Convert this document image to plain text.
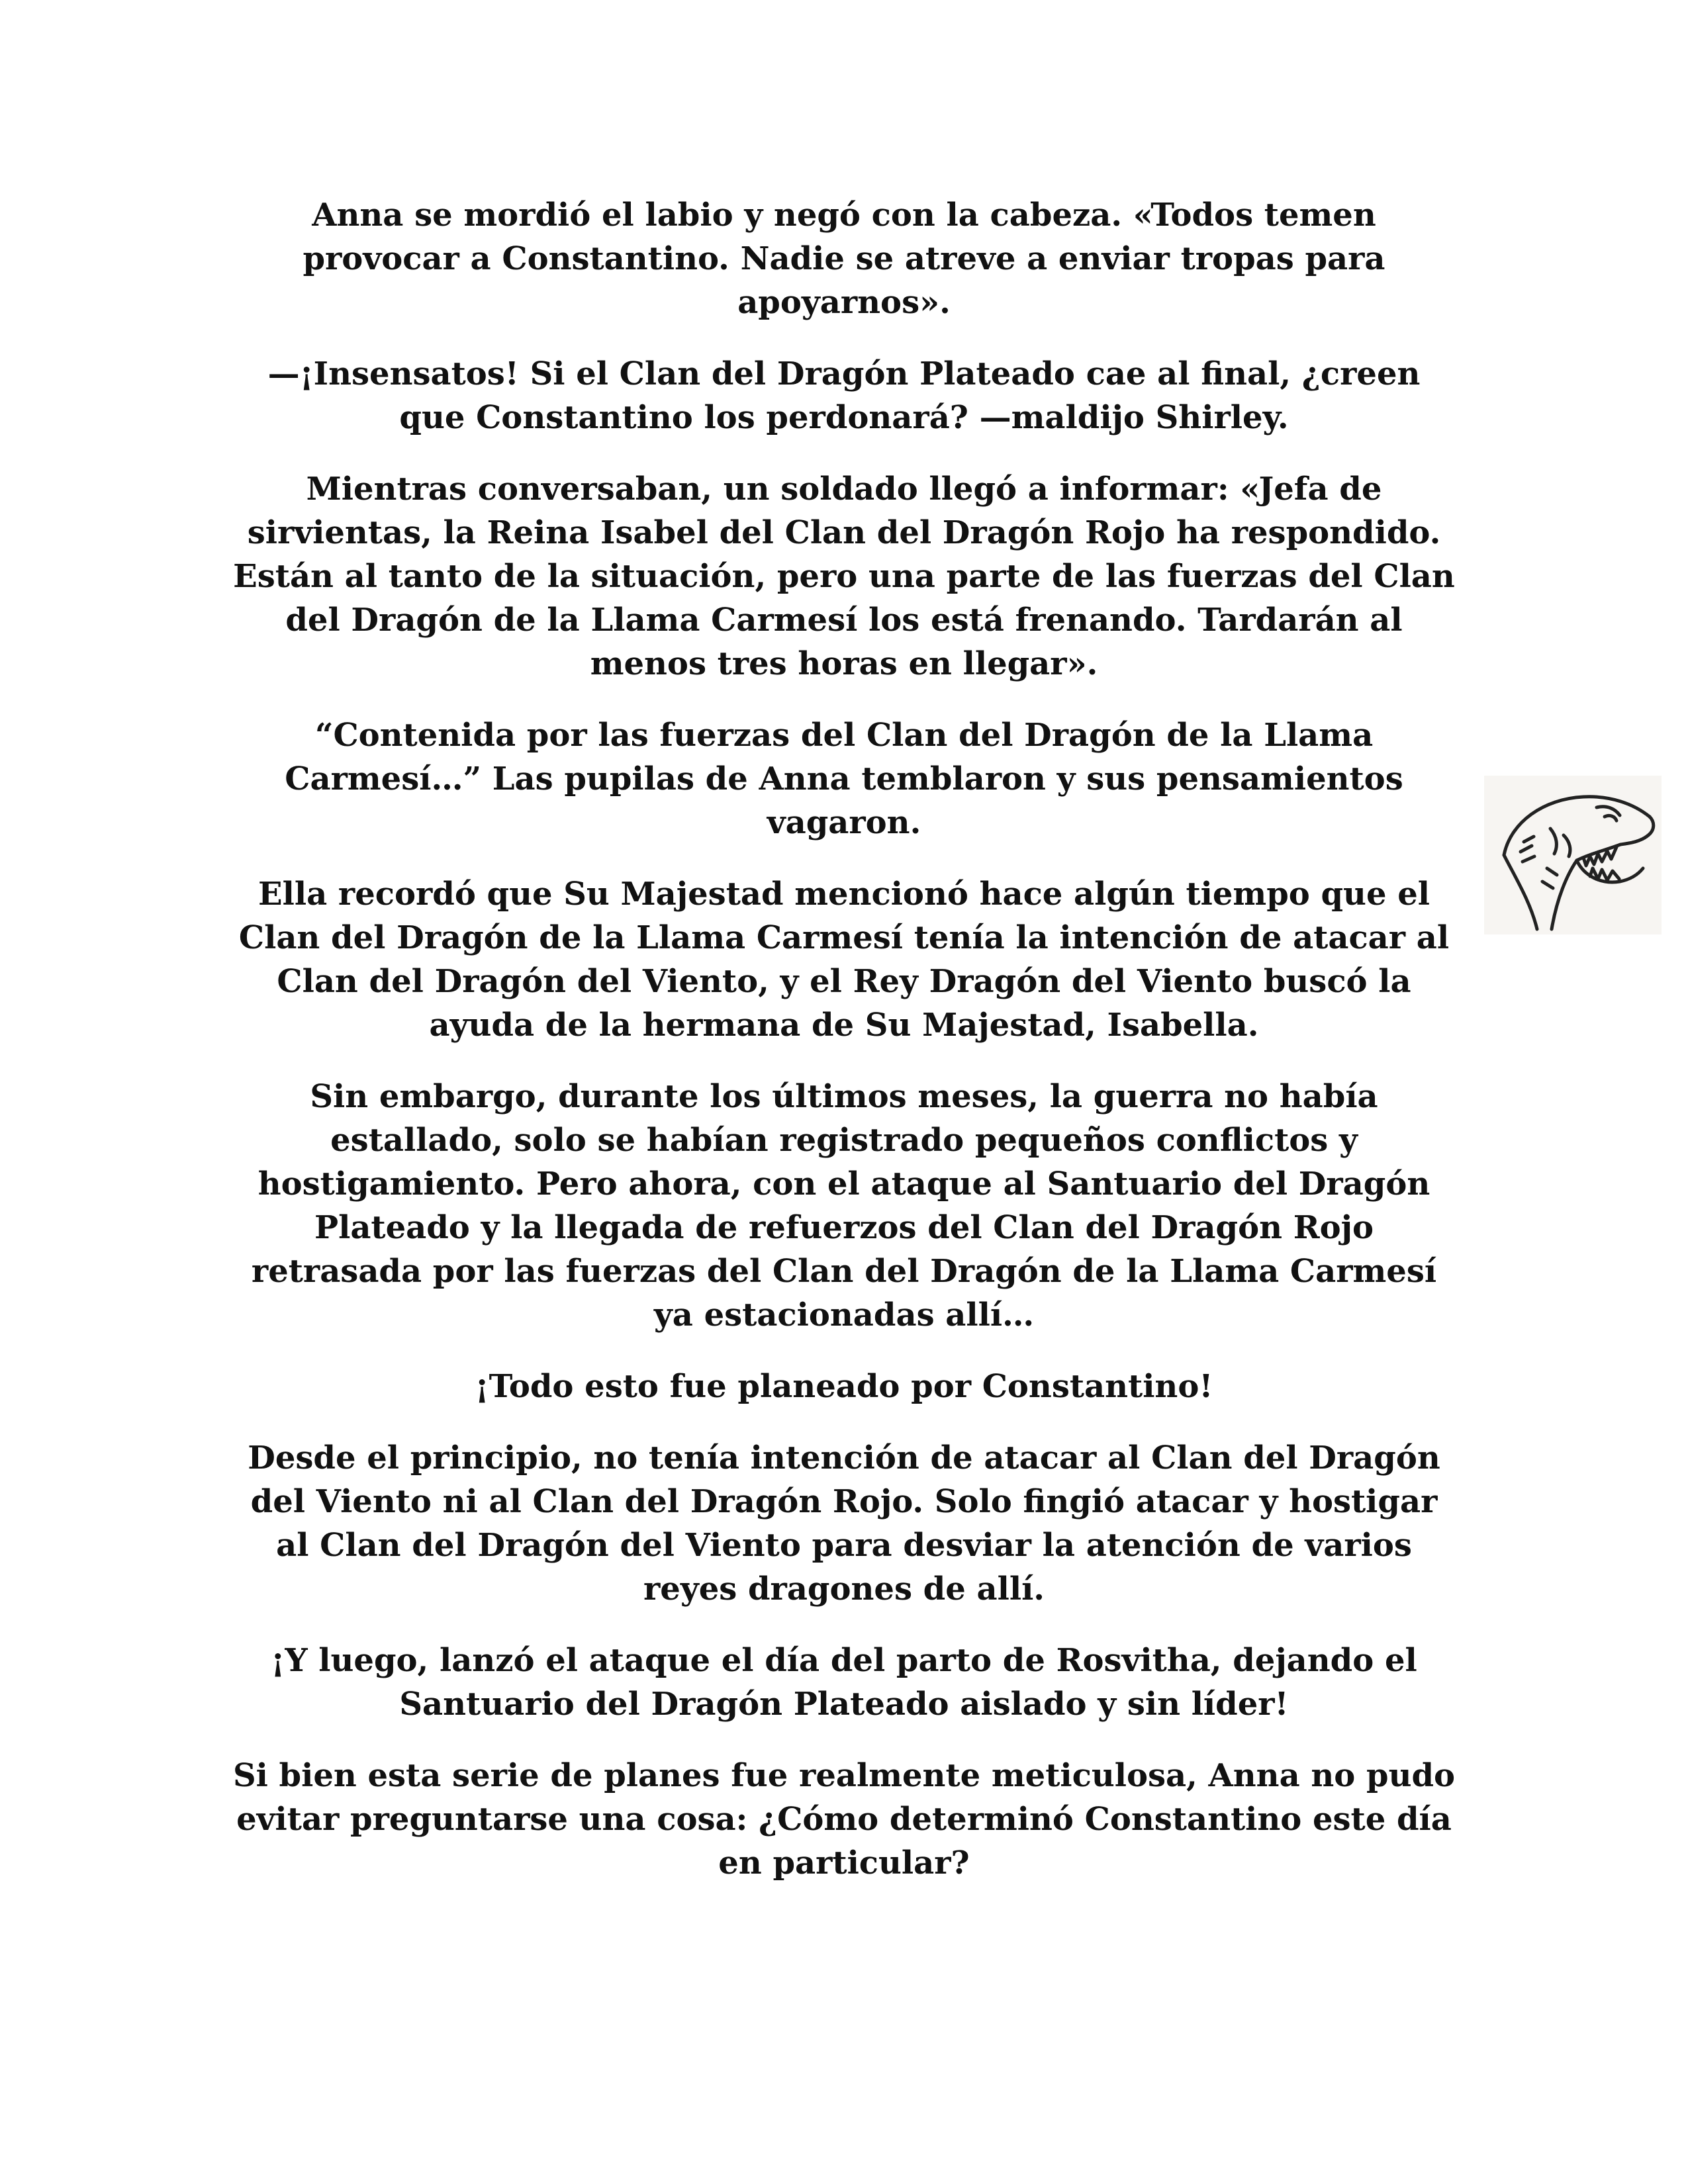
Anna se mordió el labio y negó con la cabeza. «Todos temen provocar a Constantino. Nadie se atreve a enviar tropas para apoyarnos».

—¡Insensatos! Si el Clan del Dragón Plateado cae al final, ¿creen que Constantino los perdonará? —maldijo Shirley.

Mientras conversaban, un soldado llegó a informar: «Jefa de sirvientas, la Reina Isabel del Clan del Dragón Rojo ha respondido. Están al tanto de la situación, pero una parte de las fuerzas del Clan del Dragón de la Llama Carmesí los está frenando. Tardarán al menos tres horas en llegar».

“Contenida por las fuerzas del Clan del Dragón de la Llama Carmesí…” Las pupilas de Anna temblaron y sus pensamientos vagaron.

Ella recordó que Su Majestad mencionó hace algún tiempo que el Clan del Dragón de la Llama Carmesí tenía la intención de atacar al Clan del Dragón del Viento, y el Rey Dragón del Viento buscó la ayuda de la hermana de Su Majestad, Isabella.

Sin embargo, durante los últimos meses, la guerra no había estallado, solo se habían registrado pequeños conflictos y hostigamiento. Pero ahora, con el ataque al Santuario del Dragón Plateado y la llegada de refuerzos del Clan del Dragón Rojo retrasada por las fuerzas del Clan del Dragón de la Llama Carmesí ya estacionadas allí…

¡Todo esto fue planeado por Constantino!

Desde el principio, no tenía intención de atacar al Clan del Dragón del Viento ni al Clan del Dragón Rojo. Solo fingió atacar y hostigar al Clan del Dragón del Viento para desviar la atención de varios reyes dragones de allí.

¡Y luego, lanzó el ataque el día del parto de Rosvitha, dejando el Santuario del Dragón Plateado aislado y sin líder!

Si bien esta serie de planes fue realmente meticulosa, Anna no pudo evitar preguntarse una cosa: ¿Cómo determinó Constantino este día en particular?
